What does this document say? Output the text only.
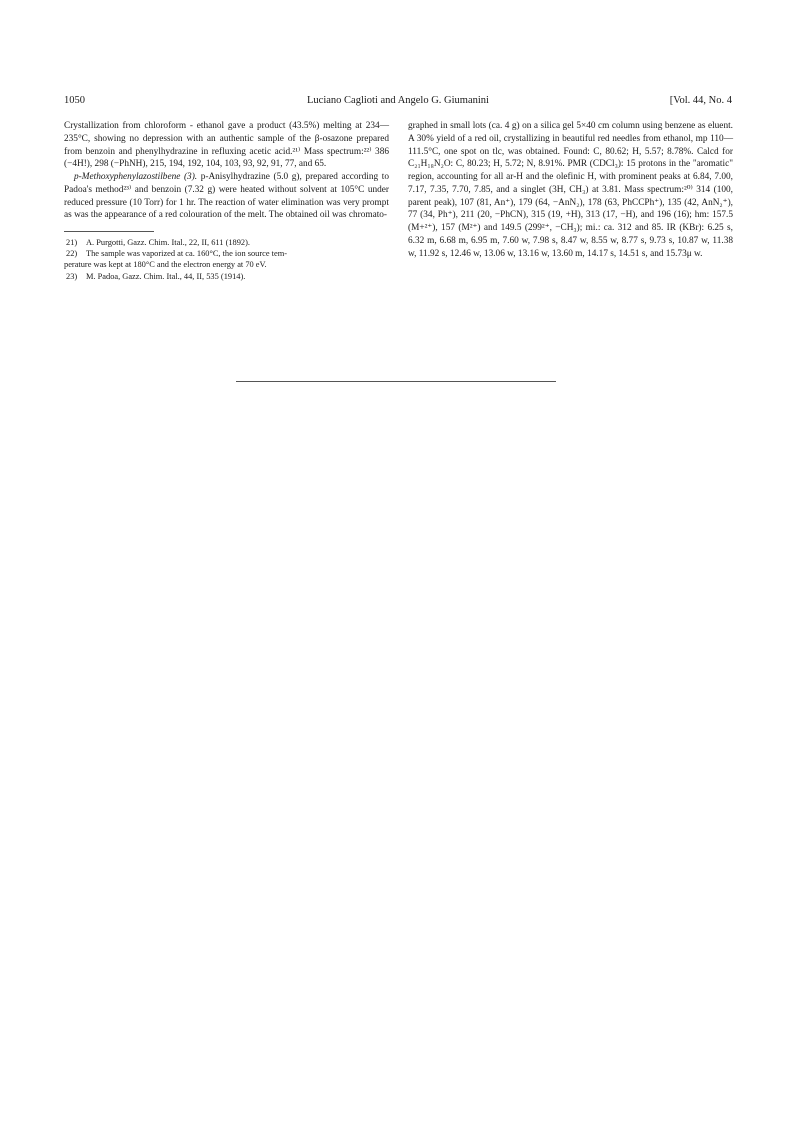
1050	Luciano Caglioti and Angelo G. Giumanini	[Vol. 44, No. 4

Crystallization from chloroform - ethanol gave a product (43.5%) melting at 234—235°C, showing no depression with an authentic sample of the β-osazone prepared from benzoin and phenylhydrazine in refluxing acetic acid.²¹⁾ Mass spectrum:²²⁾ 386 (−4H!), 298 (−PhNH), 215, 194, 192, 104, 103, 93, 92, 91, 77, and 65.

p-Methoxyphenylazostilbene (3). p-Anisylhydrazine (5.0 g), prepared according to Padoa's method²³⁾ and benzoin (7.32 g) were heated without solvent at 105°C under reduced pressure (10 Torr) for 1 hr. The reaction of water elimination was very prompt as was the appearance of a red colouration of the melt. The obtained oil was chromato-

21) A. Purgotti, Gazz. Chim. Ital., 22, II, 611 (1892).

22) The sample was vaporized at ca. 160°C, the ion source tem-

perature was kept at 180°C and the electron energy at 70 eV.

23) M. Padoa, Gazz. Chim. Ital., 44, II, 535 (1914).

graphed in small lots (ca. 4 g) on a silica gel 5×40 cm column using benzene as eluent. A 30% yield of a red oil, crystallizing in beautiful red needles from ethanol, mp 110—111.5°C, one spot on tlc, was obtained. Found: C, 80.62; H, 5.57; 8.78%. Calcd for C₂₁H₁₈N₂O: C, 80.23; H, 5.72; N, 8.91%. PMR (CDCl₃): 15 protons in the "aromatic" region, accounting for all ar-H and the olefinic H, with prominent peaks at 6.84, 7.00, 7.17, 7.35, 7.70, 7.85, and a singlet (3H, CH₃) at 3.81. Mass spectrum:²⁰⁾ 314 (100, parent peak), 107 (81, An⁺), 179 (64, −AnN₂), 178 (63, PhCCPh⁺), 135 (42, AnN₂⁺), 77 (34, Ph⁺), 211 (20, −PhCN), 315 (19, +H), 313 (17, −H), and 196 (16); hm: 157.5 (M+²⁺), 157 (M²⁺) and 149.5 (299²⁺, −CH₃); mi.: ca. 312 and 85. IR (KBr): 6.25 s, 6.32 m, 6.68 m, 6.95 m, 7.60 w, 7.98 s, 8.47 w, 8.55 w, 8.77 s, 9.73 s, 10.87 w, 11.38 w, 11.92 s, 12.46 w, 13.06 w, 13.16 w, 13.60 m, 14.17 s, 14.51 s, and 15.73μ w.
